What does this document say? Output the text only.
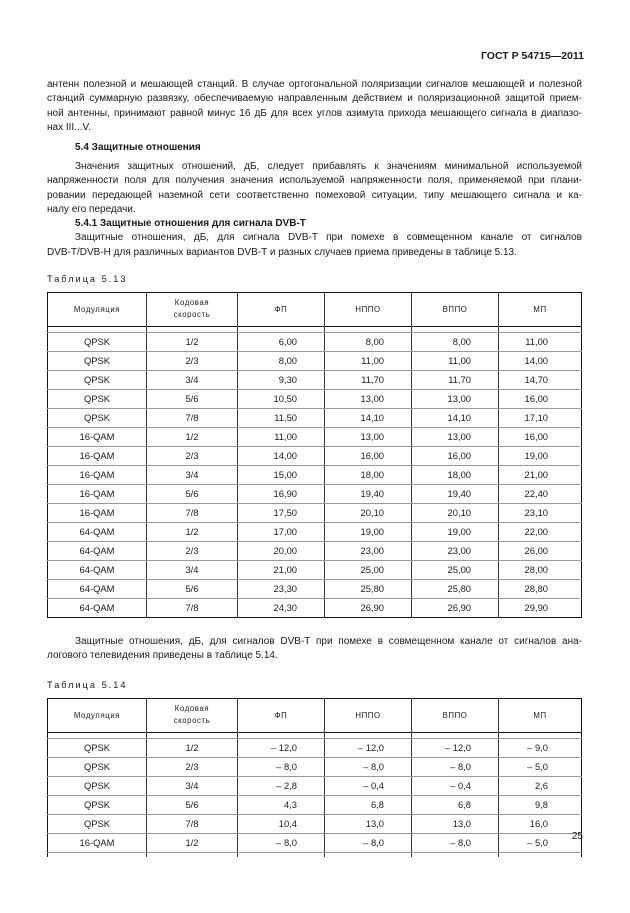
ГОСТ Р 54715—2011

антенн полезной и мешающей станций. В случае ортогональной поляризации сигналов мешающей и полезной
станций суммарную развязку, обеспечиваемую направленным действием и поляризационной защитой прием-
ной антенны, принимают равной минус 16 дБ для всех углов азимута прихода мешающего сигнала в диапазо-
нах III...V.

5.4 Защитные отношения

Значения защитных отношений, дБ, следует прибавлять к значениям минимальной используемой
напряженности поля для получения значения используемой напряженности поля, применяемой при плани-
ровании передающей наземной сети соответственно помеховой ситуации, типу мешающего сигнала и ка-
налу его передачи.

5.4.1 Защитные отношения для сигнала DVB-T

Защитные отношения, дБ, для сигнала DVB-T при помехе в совмещенном канале от сигналов
DVB-T/DVB-H для различных вариантов DVB-T и разных случаев приема приведены в таблице 5.13.

Таблица 5.13
Модуляция	Кодовая скорость	ФП	НППО	ВППО	МП

QPSK	1/2	6,00	8,00	8,00	11,00
QPSK	2/3	8,00	11,00	11,00	14,00
QPSK	3/4	9,30	11,70	11,70	14,70
QPSK	5/6	10,50	13,00	13,00	16,00
QPSK	7/8	11,50	14,10	14,10	17,10
16-QAM	1/2	11,00	13,00	13,00	16,00
16-QAM	2/3	14,00	16,00	16,00	19,00
16-QAM	3/4	15,00	18,00	18,00	21,00
16-QAM	5/6	16,90	19,40	19,40	22,40
16-QAM	7/8	17,50	20,10	20,10	23,10
64-QAM	1/2	17,00	19,00	19,00	22,00
64-QAM	2/3	20,00	23,00	23,00	26,00
64-QAM	3/4	21,00	25,00	25,00	28,00
64-QAM	5/6	23,30	25,80	25,80	28,80
64-QAM	7/8	24,30	26,90	26,90	29,90

Защитные отношения, дБ, для сигналов DVB-T при помехе в совмещенном канале от сигналов ана-
логового телевидения приведены в таблице 5.14.

Таблица 5.14
Модуляция	Кодовая скорость	ФП	НППО	ВППО	МП

QPSK	1/2	– 12,0	– 12,0	– 12,0	– 9,0
QPSK	2/3	– 8,0	– 8,0	– 8,0	– 5,0
QPSK	3/4	– 2,8	– 0,4	– 0,4	2,6
QPSK	5/6	4,3	6,8	6,8	9,8
QPSK	7/8	10,4	13,0	13,0	16,0
16-QAM	1/2	– 8,0	– 8,0	– 8,0	– 5,0

25
